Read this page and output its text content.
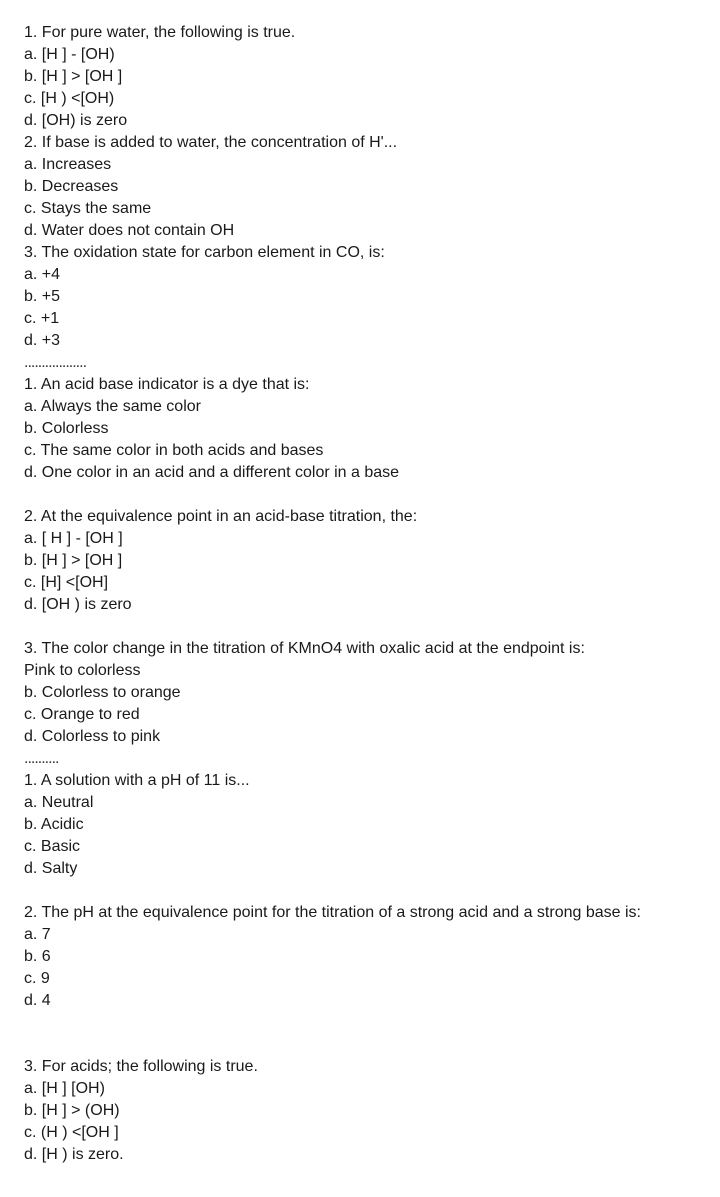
1. For pure water, the following is true.
a. [H ] - [OH)
b. [H ] > [OH ]
c. [H ) <[OH)
d. [OH) is zero
2. If base is added to water, the concentration of H'...
a. Increases
b. Decreases
c. Stays the same
d. Water does not contain OH
3. The oxidation state for carbon element in CO, is:
a. +4
b. +5
c. +1
d. +3
..................
1. An acid base indicator is a dye that is:
a. Always the same color
b. Colorless
c. The same color in both acids and bases
d. One color in an acid and a different color in a base
2. At the equivalence point in an acid-base titration, the:
a. [ H ] - [OH ]
b. [H ] > [OH ]
c. [H] <[OH]
d. [OH ) is zero
3. The color change in the titration of KMnO4 with oxalic acid at the endpoint is:
Pink to colorless
b. Colorless to orange
c. Orange to red
d. Colorless to pink
..........
1. A solution with a pH of 11 is...
a. Neutral
b. Acidic
c. Basic
d. Salty
2. The pH at the equivalence point for the titration of a strong acid and a strong base is:
a. 7
b. 6
c. 9
d. 4
3. For acids; the following is true.
a. [H ] [OH)
b. [H ] > (OH)
c. (H ) <[OH ]
d. [H ) is zero.
